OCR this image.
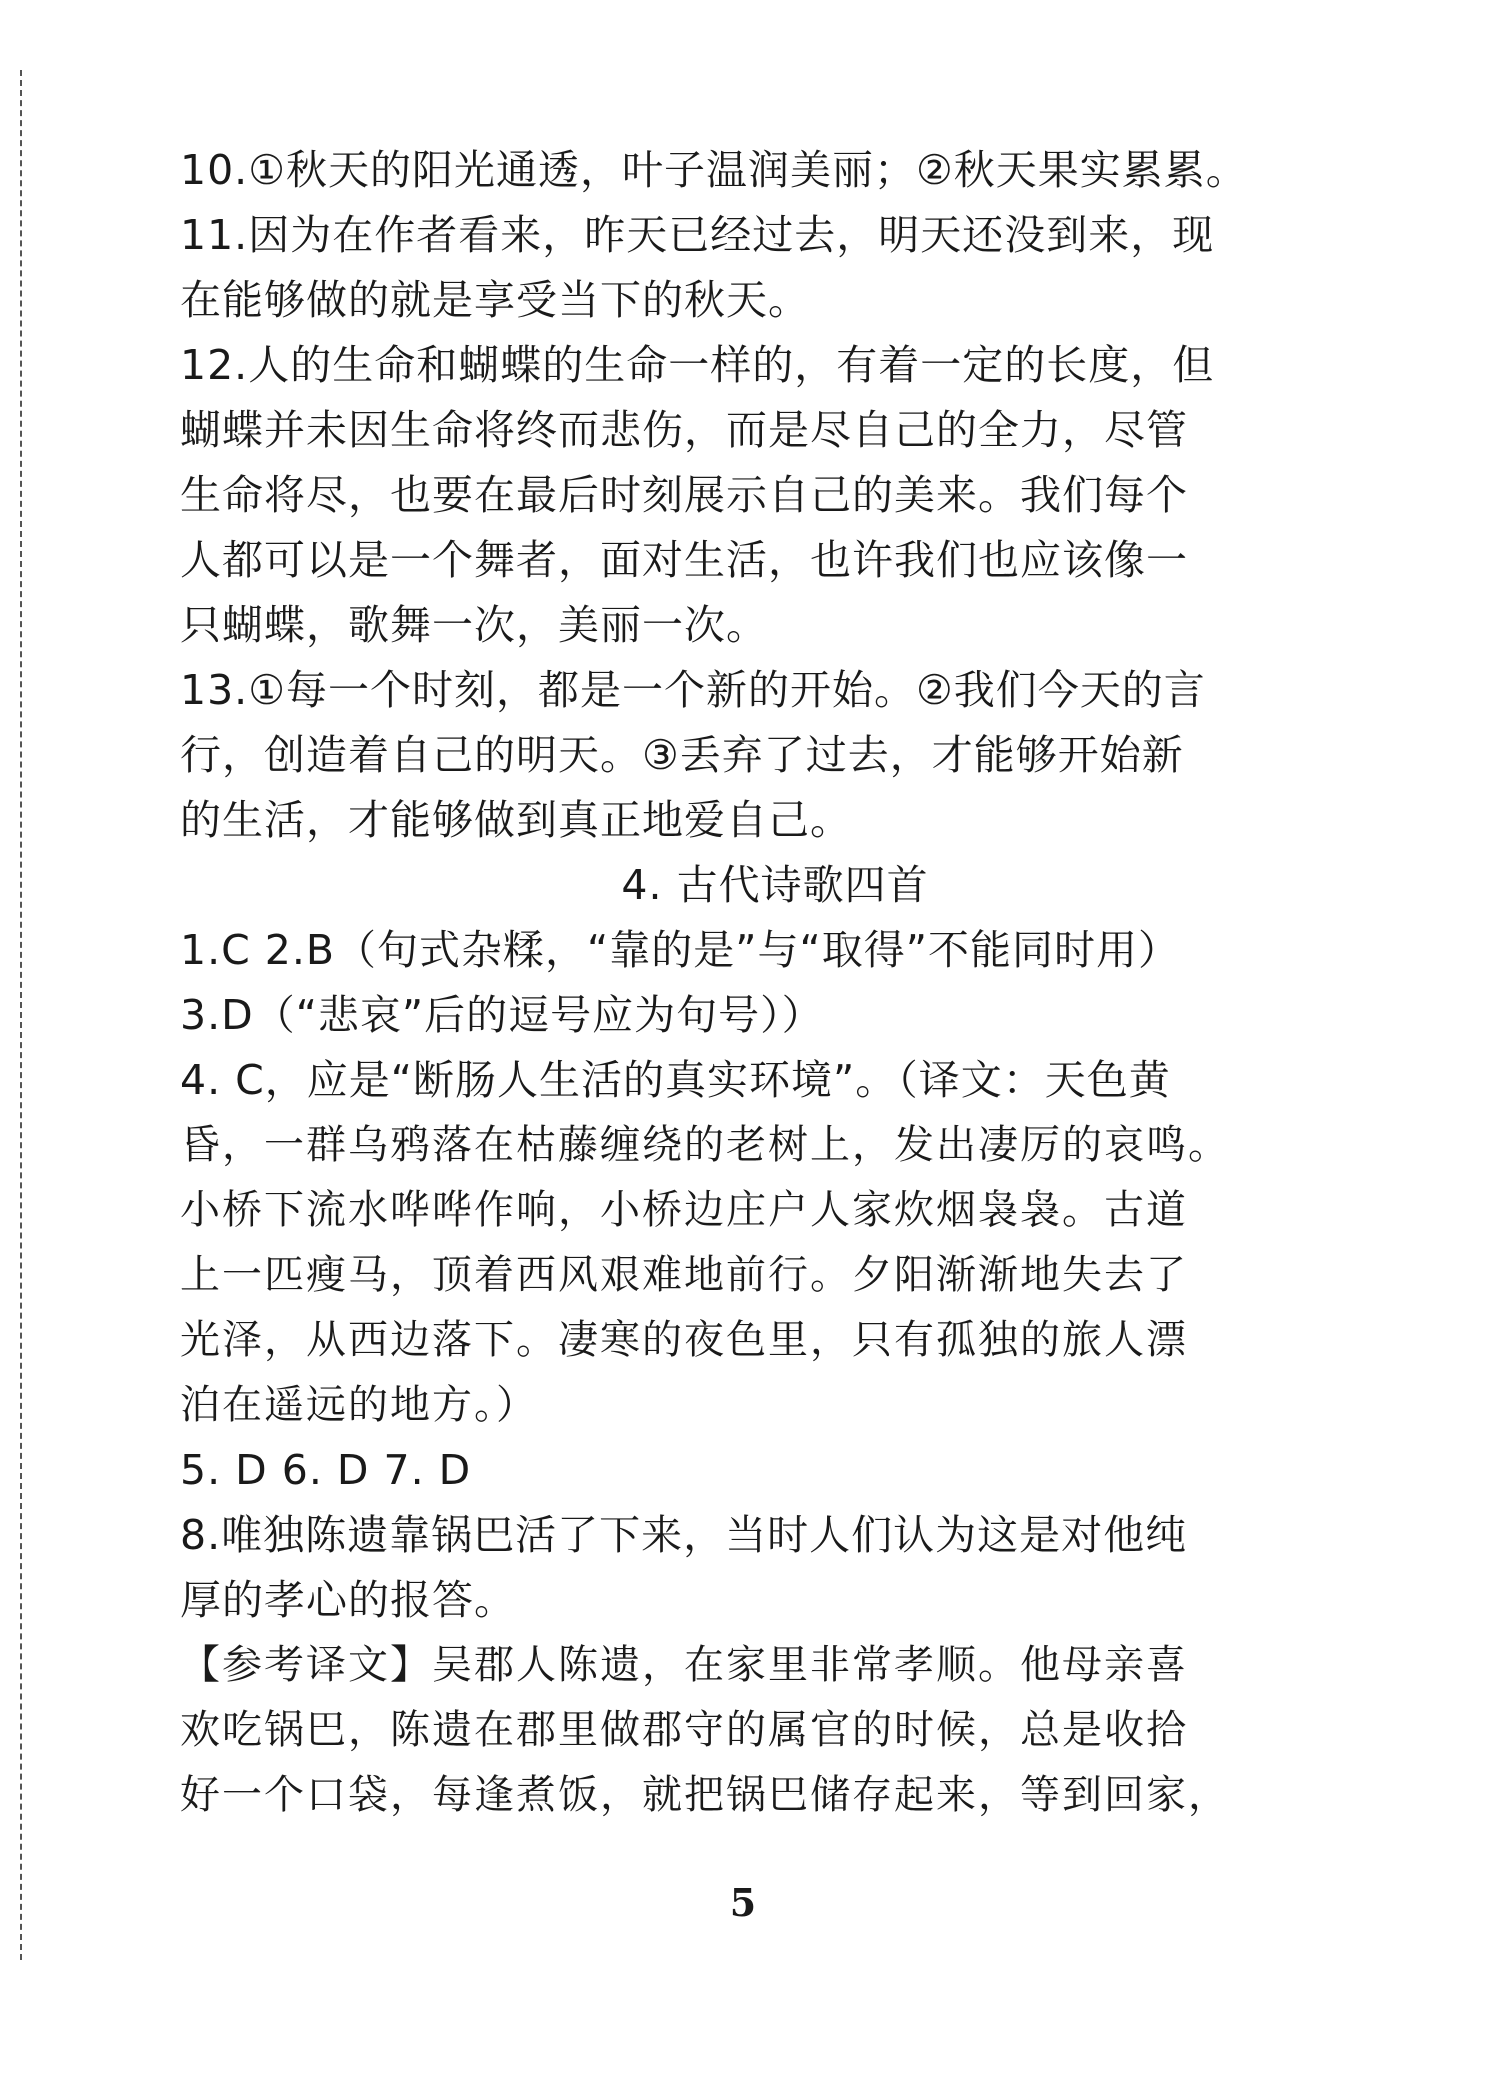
10.①秋天的阳光通透，叶子温润美丽；②秋天果实累累。
11.因为在作者看来，昨天已经过去，明天还没到来，现
在能够做的就是享受当下的秋天。
12.人的生命和蝴蝶的生命一样的，有着一定的长度，但
蝴蝶并未因生命将终而悲伤，而是尽自己的全力，尽管
生命将尽，也要在最后时刻展示自己的美来。我们每个
人都可以是一个舞者，面对生活，也许我们也应该像一
只蝴蝶，歌舞一次，美丽一次。
13.①每一个时刻，都是一个新的开始。②我们今天的言
行，创造着自己的明天。③丢弃了过去，才能够开始新
的生活，才能够做到真正地爱自己。
4. 古代诗歌四首
1.C 2.B（句式杂糅，“靠的是”与“取得”不能同时用）
3.D（“悲哀”后的逗号应为句号））
4. C，应是“断肠人生活的真实环境”。（译文：天色黄
昏，一群乌鸦落在枯藤缠绕的老树上，发出凄厉的哀鸣。
小桥下流水哗哗作响，小桥边庄户人家炊烟袅袅。古道
上一匹瘦马，顶着西风艰难地前行。夕阳渐渐地失去了
光泽，从西边落下。凄寒的夜色里，只有孤独的旅人漂
泊在遥远的地方。）
5. D 6. D 7. D
8.唯独陈遗靠锅巴活了下来，当时人们认为这是对他纯
厚的孝心的报答。
【参考译文】吴郡人陈遗，在家里非常孝顺。他母亲喜
欢吃锅巴，陈遗在郡里做郡守的属官的时候，总是收拾
好一个口袋，每逢煮饭，就把锅巴储存起来，等到回家，
5
